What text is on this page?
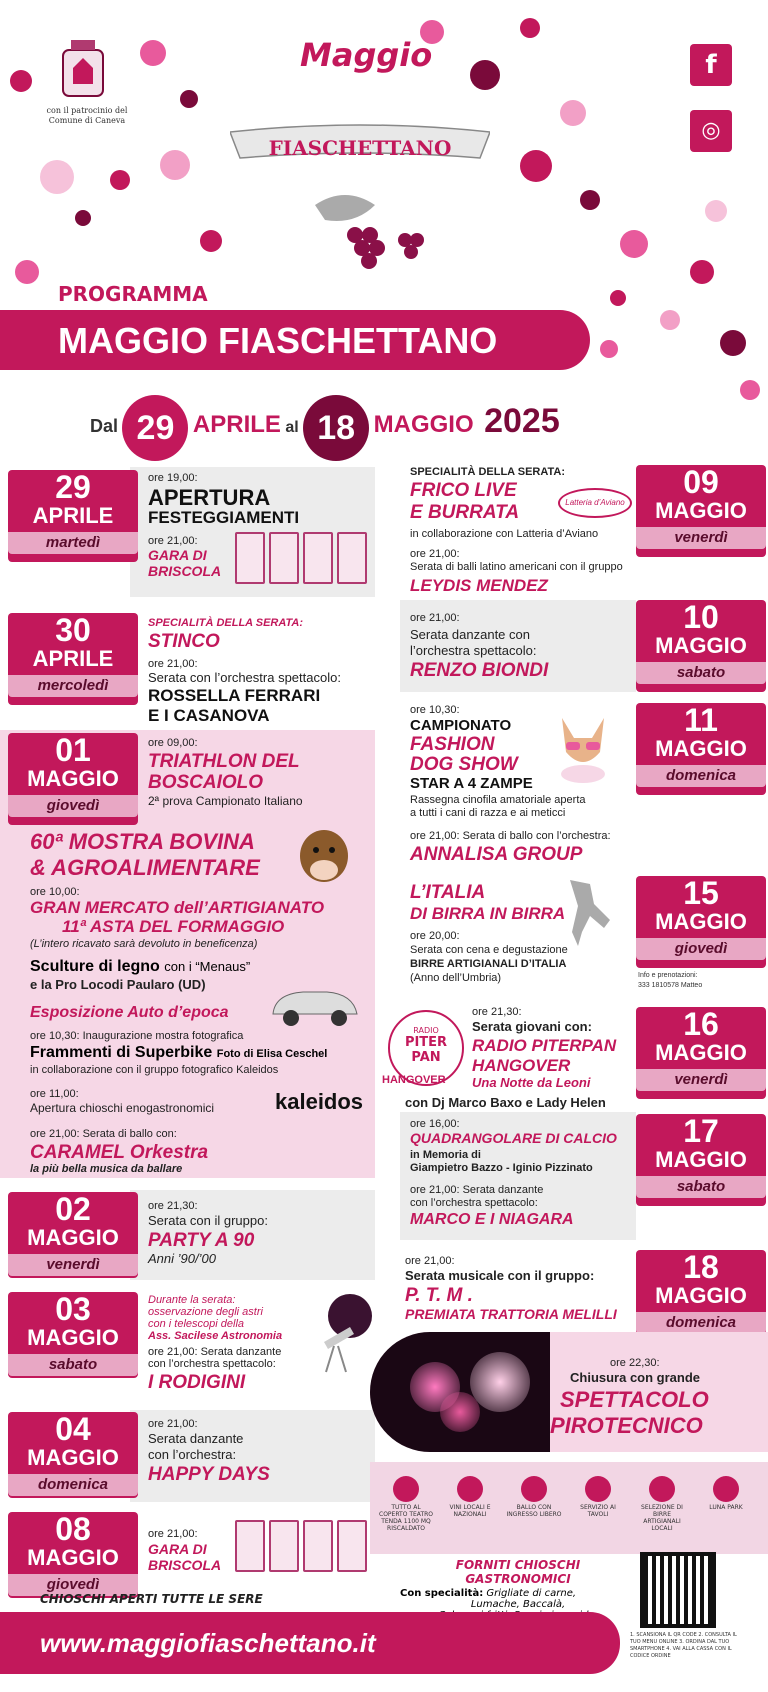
con il patrocinio del Comune di Caneva
Maggio
FIASCHETTANO
f
◎
PROGRAMMA
MAGGIO FIASCHETTANO
Dal 29 APRILE al 18 MAGGIO 2025
29
APRILE
martedì
ore 19,00:
APERTURA
FESTEGGIAMENTI
ore 21,00:
GARA DI
BRISCOLA
30
APRILE
mercoledì
SPECIALITÀ DELLA SERATA:
STINCO
ore 21,00:
Serata con l’orchestra spettacolo:
ROSSELLA FERRARI
E I CASANOVA
01
MAGGIO
giovedì
ore 09,00:
TRIATHLON DEL
BOSCAIOLO
2ª prova Campionato Italiano
60ª MOSTRA BOVINA
& AGROALIMENTARE
ore 10,00:
GRAN MERCATO dell’ARTIGIANATO
11ª ASTA DEL FORMAGGIO
(L’intero ricavato sarà devoluto in beneficenza)
Sculture di legno con i “Menaus”
e la Pro Locodi Paularo (UD)
Esposizione Auto d’epoca
ore 10,30: Inaugurazione mostra fotografica
Frammenti di Superbike Foto di Elisa Ceschel
in collaborazione con il gruppo fotografico Kaleidos
ore 11,00:
Apertura chioschi enogastronomici	kaleidos
ore 21,00: Serata di ballo con:
CARAMEL Orkestra
la più bella musica da ballare
02
MAGGIO
venerdì
ore 21,30:
Serata con il gruppo:
PARTY A 90
Anni ’90/’00
03
MAGGIO
sabato
Durante la serata:
osservazione degli astri
con i telescopi della
Ass. Sacilese Astronomia
ore 21,00: Serata danzante
con l’orchestra spettacolo:
I RODIGINI
04
MAGGIO
domenica
ore 21,00:
Serata danzante
con l’orchestra:
HAPPY DAYS
08
MAGGIO
giovedì
ore 21,00:
GARA DI
BRISCOLA
09
MAGGIO
venerdì
SPECIALITÀ DELLA SERATA:
FRICO LIVE
E BURRATA	Latteria d’Aviano
in collaborazione con Latteria d’Aviano
ore 21,00:
Serata di balli latino americani con il gruppo
LEYDIS MENDEZ
10
MAGGIO
sabato
ore 21,00:
Serata danzante con
l’orchestra spettacolo:
RENZO BIONDI
11
MAGGIO
domenica
ore 10,30:
CAMPIONATO
FASHION
DOG SHOW
STAR A 4 ZAMPE
Rassegna cinofila amatoriale aperta
a tutti i cani di razza e ai meticci
ore 21,00: Serata di ballo con l’orchestra:
ANNALISA GROUP
15
MAGGIO
giovedì
L’ITALIA
DI BIRRA IN BIRRA
ore 20,00:
Serata con cena e degustazione
BIRRE ARTIGIANALI D’ITALIA
(Anno dell’Umbria)	Info e prenotazioni:
333 1810578 Matteo
16
MAGGIO
venerdì
RADIO
PITER PAN
HANGOVER
ore 21,30:
Serata giovani con:
RADIO PITERPAN
HANGOVER
Una Notte da Leoni
con Dj Marco Baxo e Lady Helen
17
MAGGIO
sabato
ore 16,00:
QUADRANGOLARE DI CALCIO
in Memoria di
Giampietro Bazzo - Iginio Pizzinato
ore 21,00: Serata danzante
con l’orchestra spettacolo:
MARCO E I NIAGARA
18
MAGGIO
domenica
ore 21,00:
Serata musicale con il gruppo:
P. T. M .
PREMIATA TRATTORIA MELILLI
ore 22,30:
Chiusura con grande
SPETTACOLO
PIROTECNICO
TUTTO AL COPERTO TEATRO TENDA 1100 MQ RISCALDATO
VINI LOCALI E NAZIONALI
BALLO CON INGRESSO LIBERO
SERVIZIO AI TAVOLI
SELEZIONE DI BIRRE ARTIGIANALI LOCALI
LUNA PARK
FORNITI CHIOSCHI
GASTRONOMICI
Con specialità: Grigliate di carne,
Lumache, Baccalà,
1. SCANSIONA IL QR CODE 2. CONSULTA IL TUO MENU ONLINE 3. ORDINA DAL TUO SMARTPHONE 4. VAI ALLA CASSA CON IL CODICE ORDINE
CHIOSCHI APERTI TUTTE LE SERE
www.maggiofiaschettano.it
